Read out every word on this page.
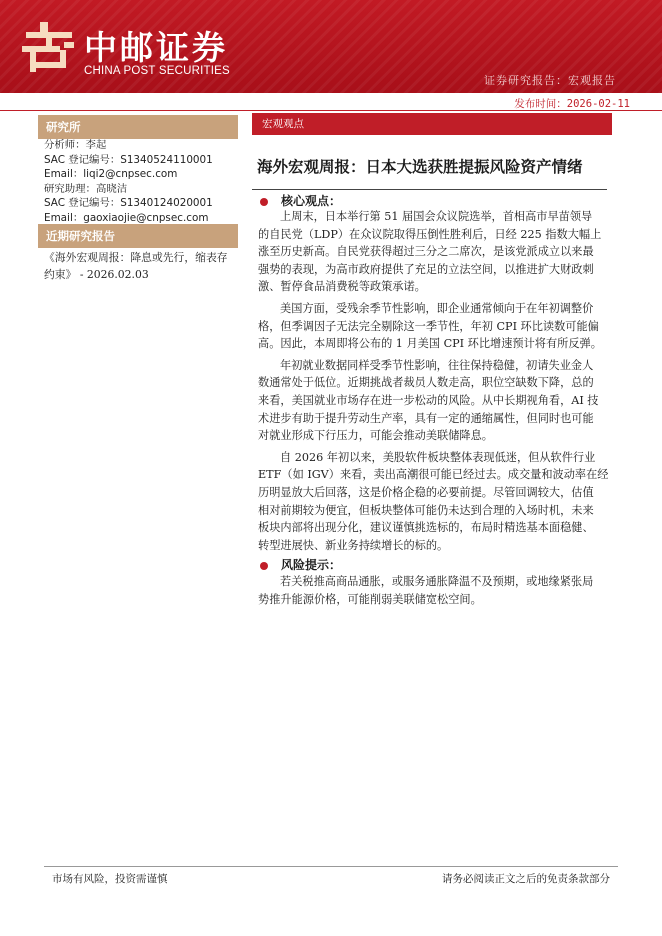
中邮证券
CHINA POST SECURITIES
证券研究报告：宏观报告
发布时间：2026-02-11
研究所
分析师：李起
SAC 登记编号：S1340524110001
Email：liqi2@cnpsec.com
研究助理：高晓洁
SAC 登记编号：S1340124020001
Email：gaoxiaojie@cnpsec.com
近期研究报告
《海外宏观周报：降息或先行，缩表存
约束》 - 2026.02.03
宏观观点
海外宏观周报：日本大选获胜提振风险资产情绪
核心观点：
上周末，日本举行第 51 届国会众议院选举，首相高市早苗领导
的自民党（LDP）在众议院取得压倒性胜利后，日经 225 指数大幅上
涨至历史新高。自民党获得超过三分之二席次，是该党派成立以来最
强势的表现，为高市政府提供了充足的立法空间，以推进扩大财政刺
激、暂停食品消费税等政策承诺。
美国方面，受残余季节性影响，即企业通常倾向于在年初调整价
格，但季调因子无法完全剔除这一季节性，年初 CPI 环比读数可能偏
高。因此，本周即将公布的 1 月美国 CPI 环比增速预计将有所反弹。
年初就业数据同样受季节性影响，往往保持稳健，初请失业金人
数通常处于低位。近期挑战者裁员人数走高，职位空缺数下降，总的
来看，美国就业市场存在进一步松动的风险。从中长期视角看，AI 技
术进步有助于提升劳动生产率，具有一定的通缩属性，但同时也可能
对就业形成下行压力，可能会推动美联储降息。
自 2026 年初以来，美股软件板块整体表现低迷，但从软件行业
ETF（如 IGV）来看，卖出高潮很可能已经过去。成交量和波动率在经
历明显放大后回落，这是价格企稳的必要前提。尽管回调较大，估值
相对前期较为便宜，但板块整体可能仍未达到合理的入场时机，未来
板块内部将出现分化，建议谨慎挑选标的，布局时精选基本面稳健、
转型进展快、新业务持续增长的标的。
风险提示：
若关税推高商品通胀，或服务通胀降温不及预期，或地缘紧张局
势推升能源价格，可能削弱美联储宽松空间。
市场有风险，投资需谨慎	请务必阅读正文之后的免责条款部分
